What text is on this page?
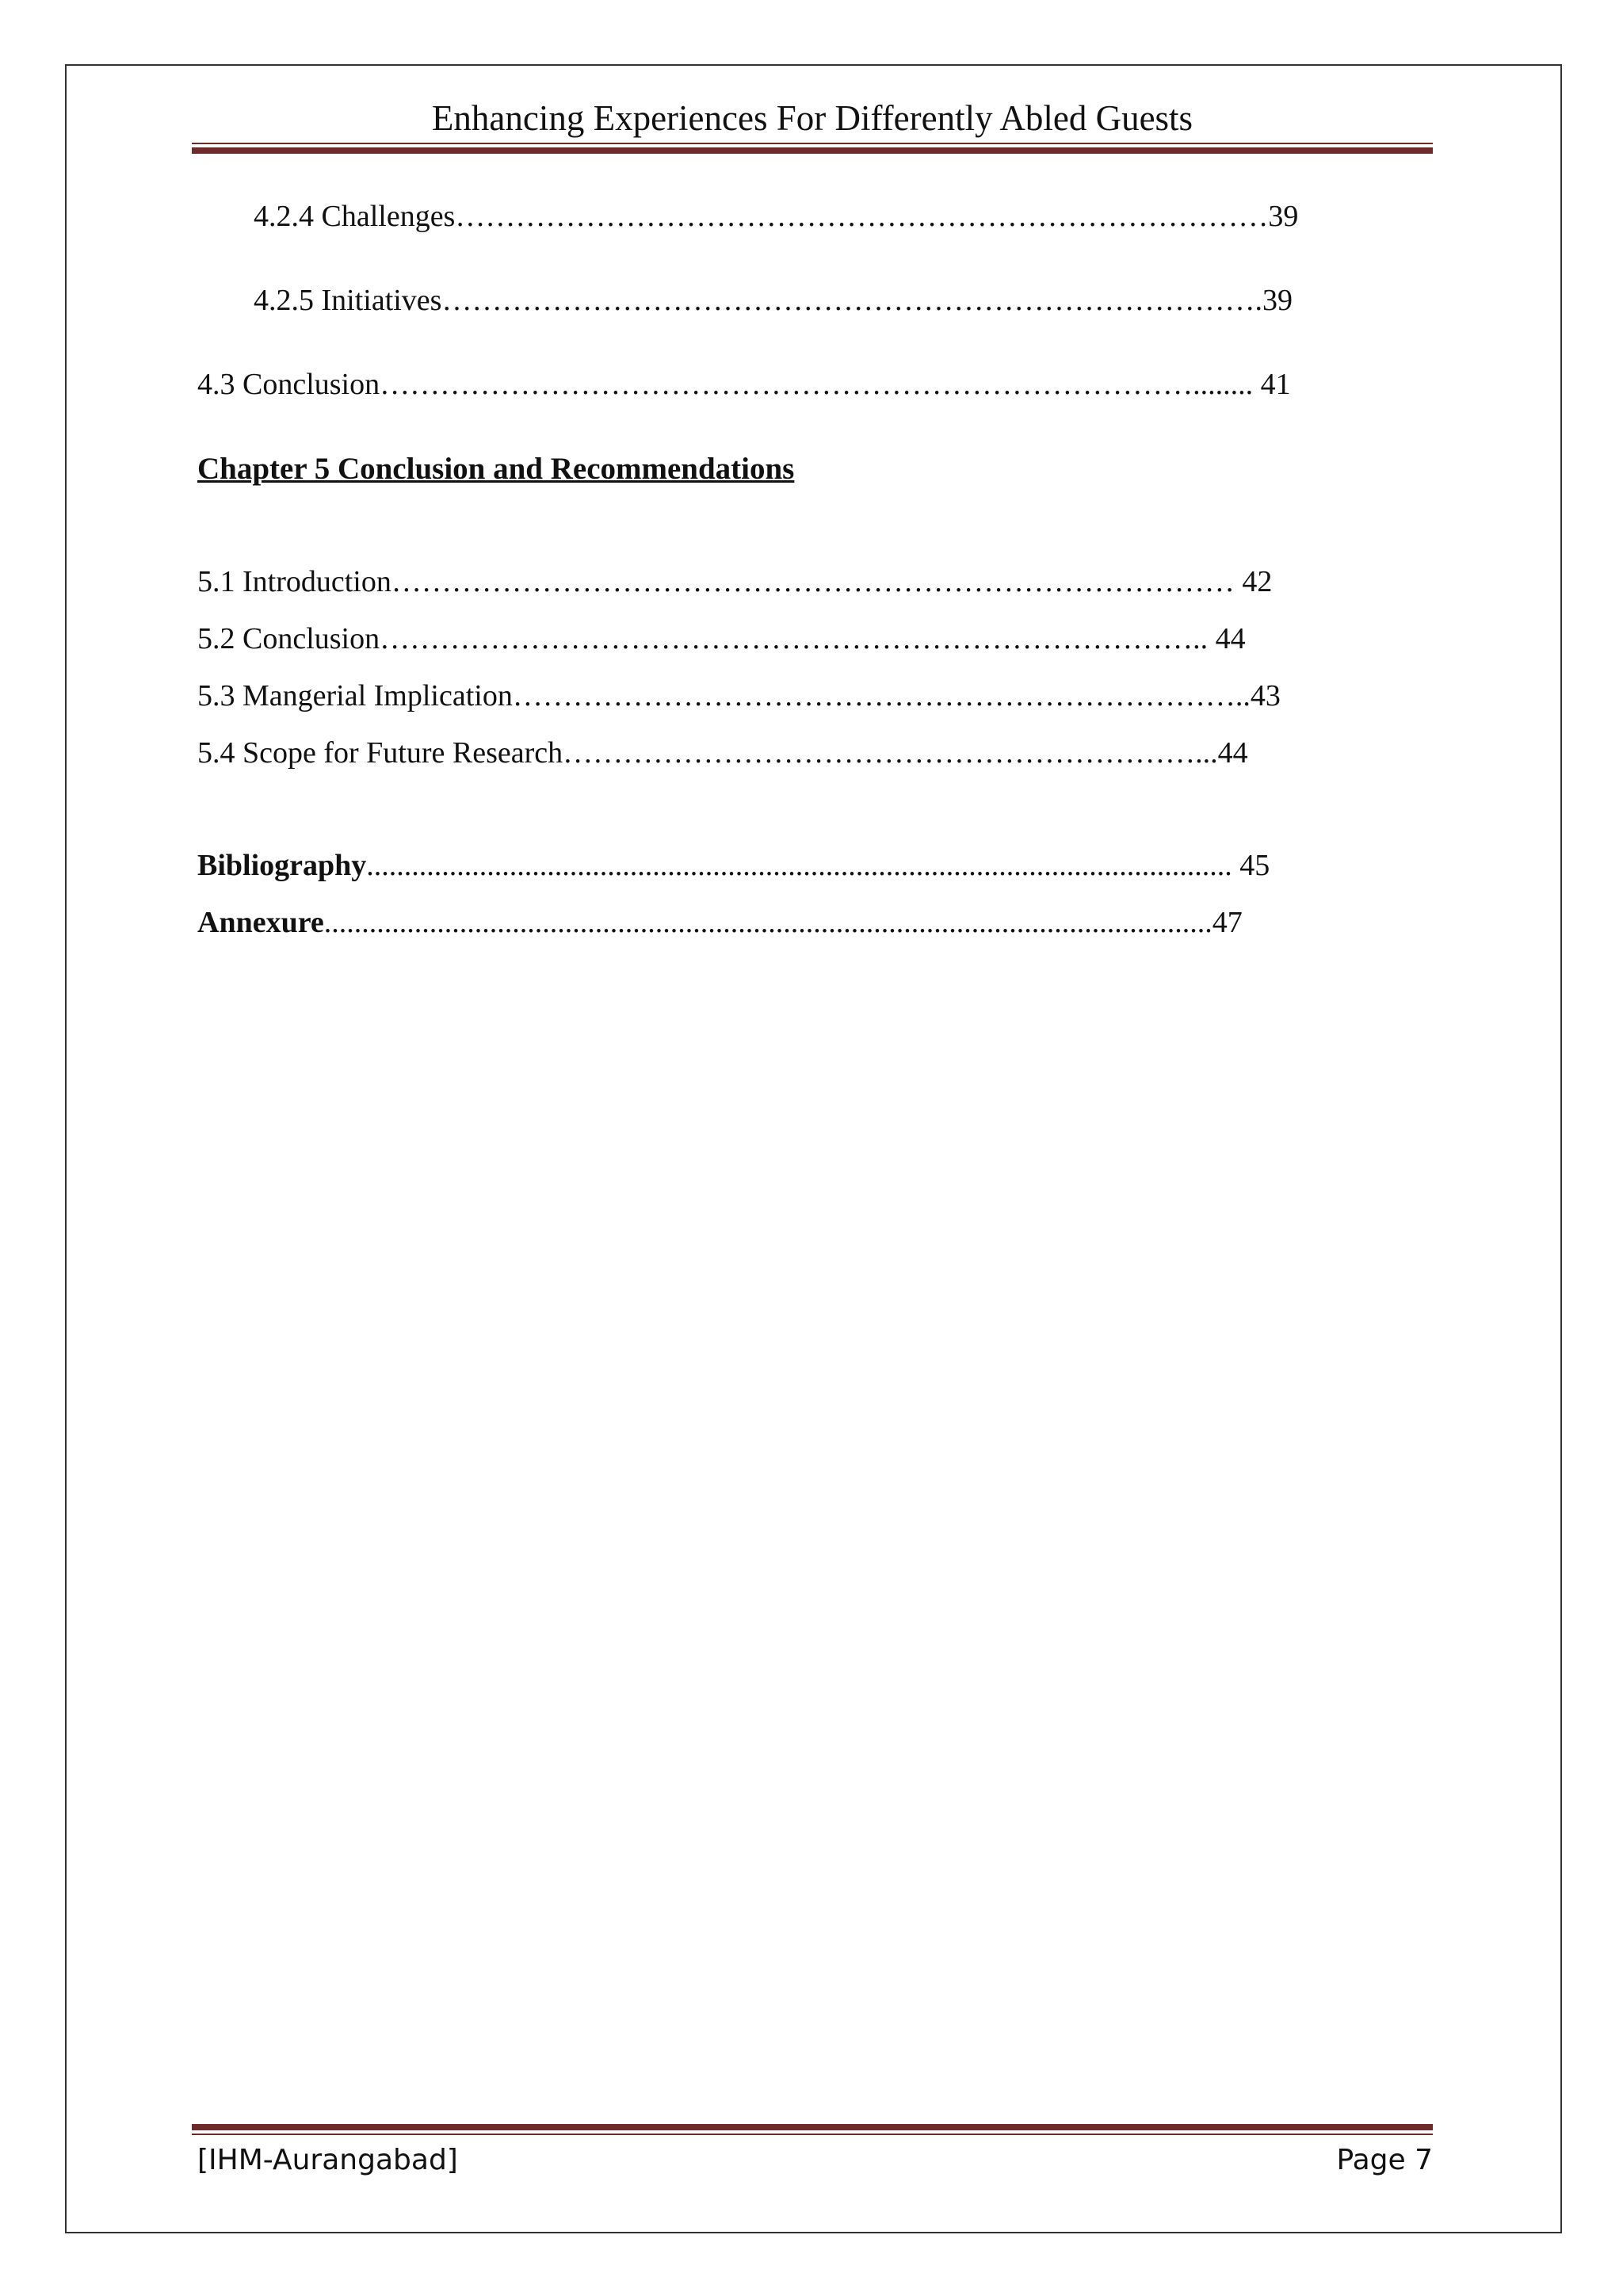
Enhancing Experiences For Differently Abled Guests
4.2.4 Challenges………………………………………………………………………39
4.2.5 Initiatives……………………………………………………………………….39
4.3 Conclusion………………………………………………………………………........ 41
Chapter 5 Conclusion and Recommendations
5.1 Introduction………………………………………………………………………… 42
5.2 Conclusion……………………………………………………………………….. 44
5.3 Mangerial Implication………………………………………………………………..43
5.4 Scope for Future Research………………………………………………………...44
Bibliography................................................................................................................... 45
Annexure......................................................................................................................47
[IHM-Aurangabad]	Page 7
